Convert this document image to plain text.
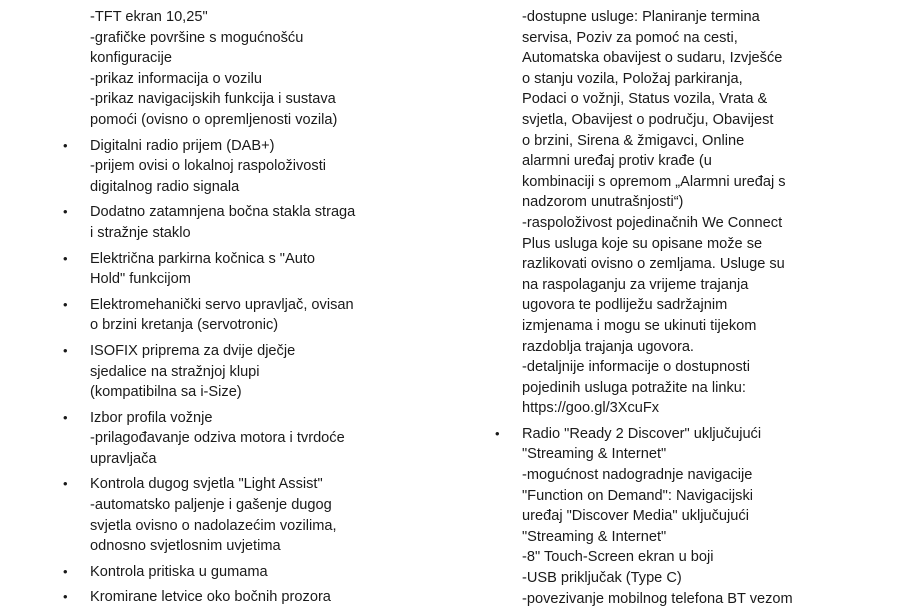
-TFT ekran 10,25"
-grafičke površine s mogućnošću
konfiguracije
-prikaz informacija o vozilu
-prikaz navigacijskih funkcija i sustava
pomoći (ovisno o opremljenosti vozila)
• Digitalni radio prijem (DAB+)
-prijem ovisi o lokalnoj raspoloživosti
digitalnog radio signala
• Dodatno zatamnjena bočna stakla straga
i stražnje staklo
• Električna parkirna kočnica s "Auto
Hold" funkcijom
• Elektromehanički servo upravljač, ovisan
o brzini kretanja (servotronic)
• ISOFIX priprema za dvije dječje
sjedalice na stražnjoj klupi
(kompatibilna sa i-Size)
• Izbor profila vožnje
-prilagođavanje odziva motora i tvrdoće
upravljača
• Kontrola dugog svjetla "Light Assist"
-automatsko paljenje i gašenje dugog
svjetla ovisno o nadolazećim vozilima,
odnosno svjetlosnim uvjetima
• Kontrola pritiska u gumama
• Kromirane letvice oko bočnih prozora
-dostupne usluge: Planiranje termina
servisa, Poziv za pomoć na cesti,
Automatska obavijest o sudaru, Izvješće
o stanju vozila, Položaj parkiranja,
Podaci o vožnji, Status vozila, Vrata &
svjetla, Obavijest o području, Obavijest
o brzini, Sirena & žmigavci, Online
alarmni uređaj protiv krađe (u
kombinaciji s opremom „Alarmni uređaj s
nadzorom unutrašnjosti“)
-raspoloživost pojedinačnih We Connect
Plus usluga koje su opisane može se
razlikovati ovisno o zemljama. Usluge su
na raspolaganju za vrijeme trajanja
ugovora te podliježu sadržajnim
izmjenama i mogu se ukinuti tijekom
razdoblja trajanja ugovora.
-detaljnije informacije o dostupnosti
pojedinih usluga potražite na linku:
https://goo.gl/3XcuFx
• Radio "Ready 2 Discover" uključujući
"Streaming & Internet"
-mogućnost nadogradnje navigacije
"Function on Demand": Navigacijski
uređaj "Discover Media" uključujući
"Streaming & Internet"
-8" Touch-Screen ekran u boji
-USB priključak (Type C)
-povezivanje mobilnog telefona BT vezom
